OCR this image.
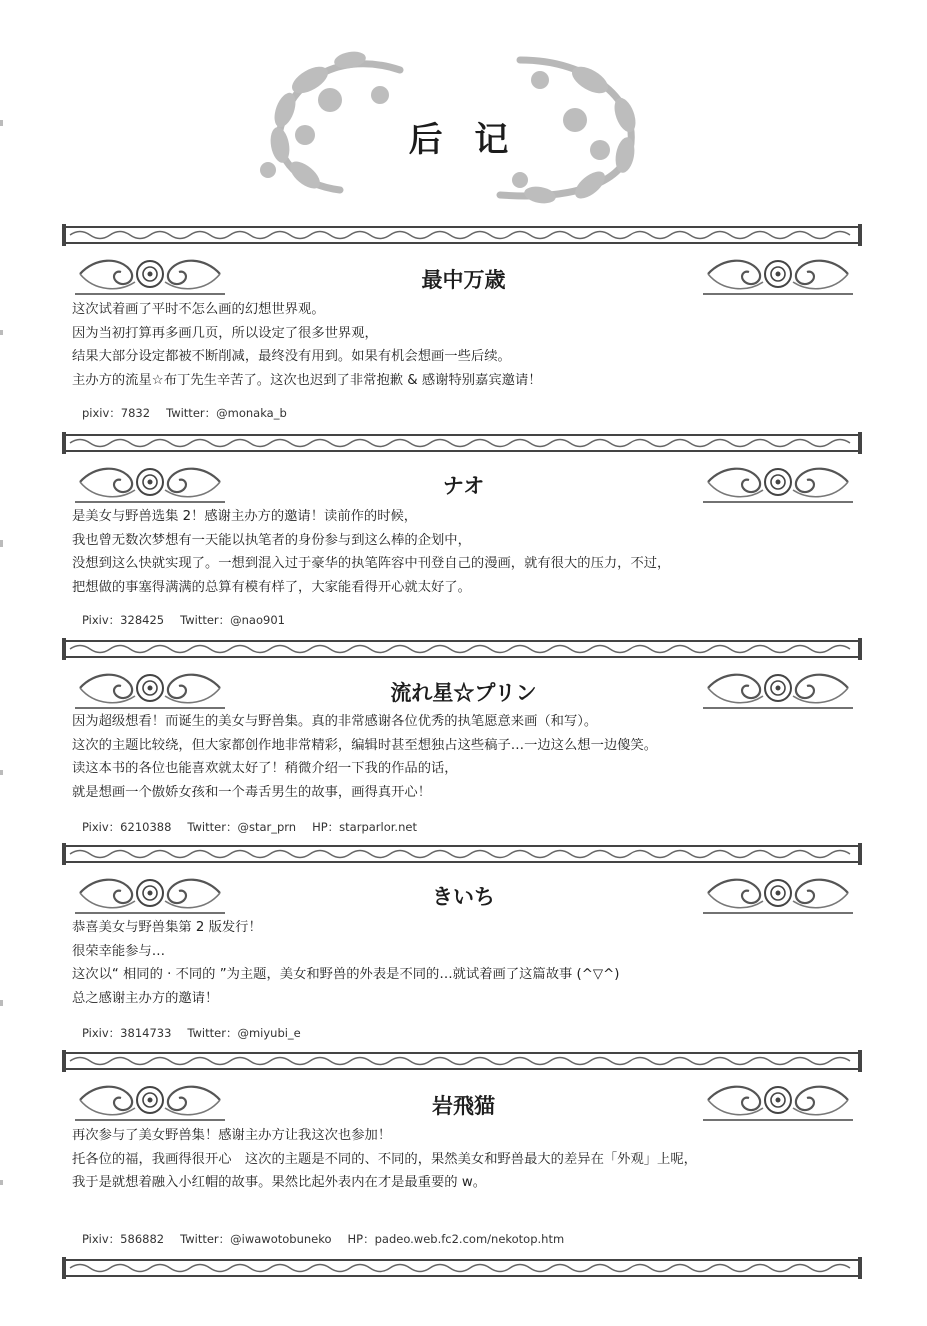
后 记
最中万歳
这次试着画了平时不怎么画的幻想世界观。
因为当初打算再多画几页，所以设定了很多世界观，
结果大部分设定都被不断削减，最终没有用到。如果有机会想画一些后续。
主办方的流星☆布丁先生辛苦了。这次也迟到了非常抱歉 & 感谢特别嘉宾邀请！
pixiv：7832 Twitter：@monaka_b
ナオ
是美女与野兽选集 2！感谢主办方的邀请！读前作的时候，
我也曾无数次梦想有一天能以执笔者的身份参与到这么棒的企划中，
没想到这么快就实现了。一想到混入过于豪华的执笔阵容中刊登自己的漫画，就有很大的压力，不过，
把想做的事塞得满满的总算有模有样了，大家能看得开心就太好了。
Pixiv：328425 Twitter：@nao901
流れ星☆プリン
因为超级想看！而诞生的美女与野兽集。真的非常感谢各位优秀的执笔愿意来画（和写）。
这次的主题比较绕，但大家都创作地非常精彩，编辑时甚至想独占这些稿子…一边这么想一边傻笑。
读这本书的各位也能喜欢就太好了！稍微介绍一下我的作品的话，
就是想画一个傲娇女孩和一个毒舌男生的故事，画得真开心！
Pixiv：6210388 Twitter：@star_prn HP：starparlor.net
きいち
恭喜美女与野兽集第 2 版发行！
很荣幸能参与…
这次以“ 相同的 · 不同的 ”为主题，美女和野兽的外表是不同的…就试着画了这篇故事 (^▽^)
总之感谢主办方的邀请！
Pixiv：3814733 Twitter：@miyubi_e
岩飛猫
再次参与了美女野兽集！感谢主办方让我这次也参加！
托各位的福，我画得很开心　这次的主题是不同的、不同的，果然美女和野兽最大的差异在「外观」上呢，
我于是就想着融入小红帽的故事。果然比起外表内在才是最重要的 w。
Pixiv：586882 Twitter：@iwawotobuneko HP：padeo.web.fc2.com/nekotop.htm
